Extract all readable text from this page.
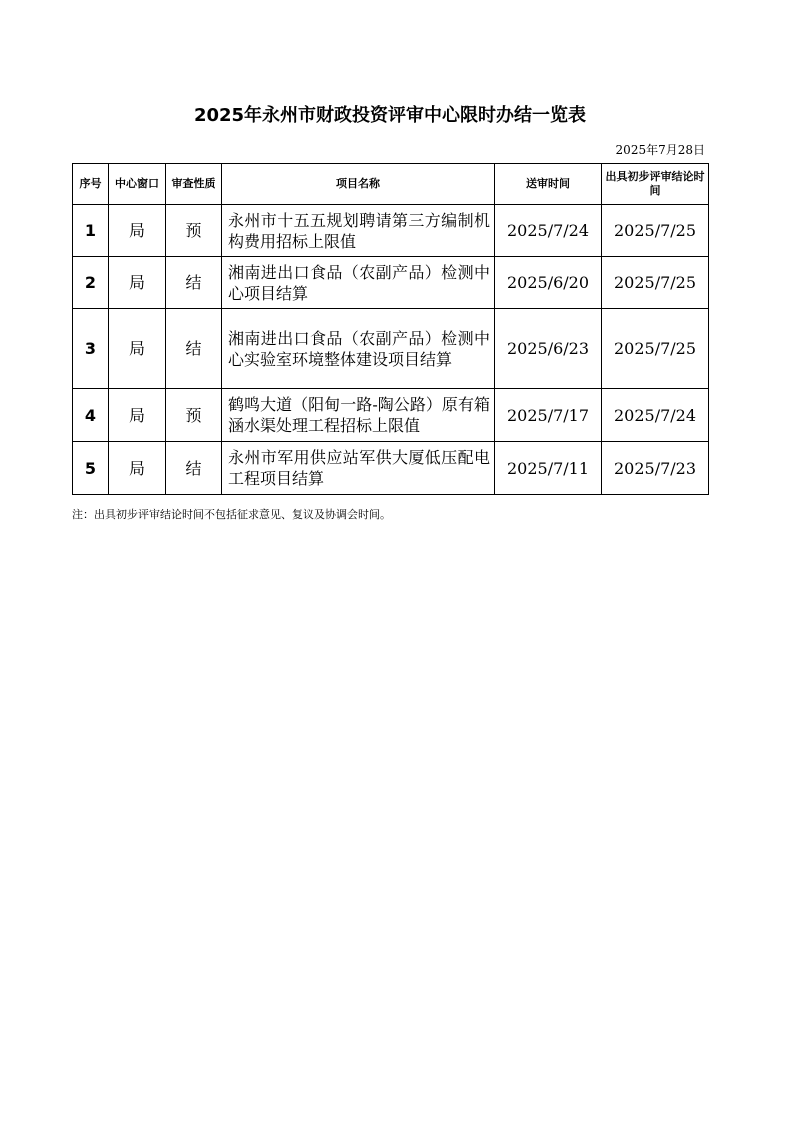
2025年永州市财政投资评审中心限时办结一览表
2025年7月28日
序号	中心窗口	审查性质	项目名称	送审时间	出具初步评审结论时间
1	局	预	永州市十五五规划聘请第三方编制机构费用招标上限值	2025/7/24	2025/7/25
2	局	结	湘南进出口食品（农副产品）检测中心项目结算	2025/6/20	2025/7/25
3	局	结	湘南进出口食品（农副产品）检测中心实验室环境整体建设项目结算	2025/6/23	2025/7/25
4	局	预	鹤鸣大道（阳甸一路-陶公路）原有箱涵水渠处理工程招标上限值	2025/7/17	2025/7/24
5	局	结	永州市军用供应站军供大厦低压配电工程项目结算	2025/7/11	2025/7/23
注：出具初步评审结论时间不包括征求意见、复议及协调会时间。
